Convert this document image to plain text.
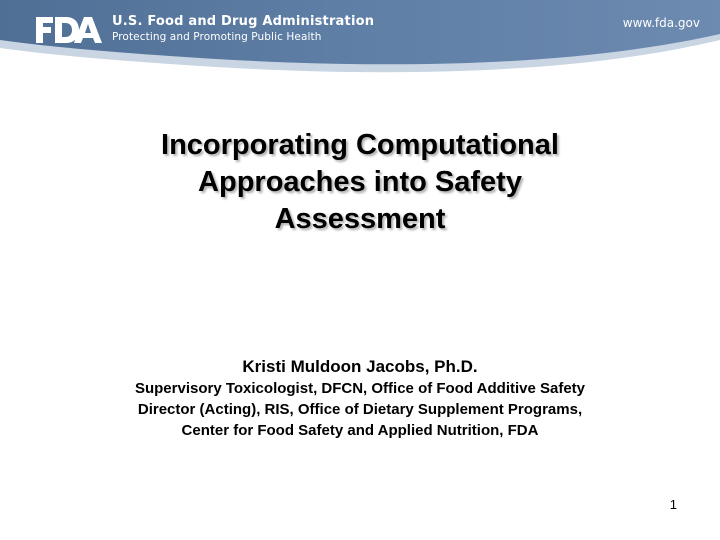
U.S. Food and Drug Administration
Protecting and Promoting Public Health
www.fda.gov
Incorporating Computational
Approaches into Safety
Assessment
Kristi Muldoon Jacobs, Ph.D.
Supervisory Toxicologist, DFCN, Office of Food Additive Safety
Director (Acting), RIS, Office of Dietary Supplement Programs,
Center for Food Safety and Applied Nutrition, FDA
1
